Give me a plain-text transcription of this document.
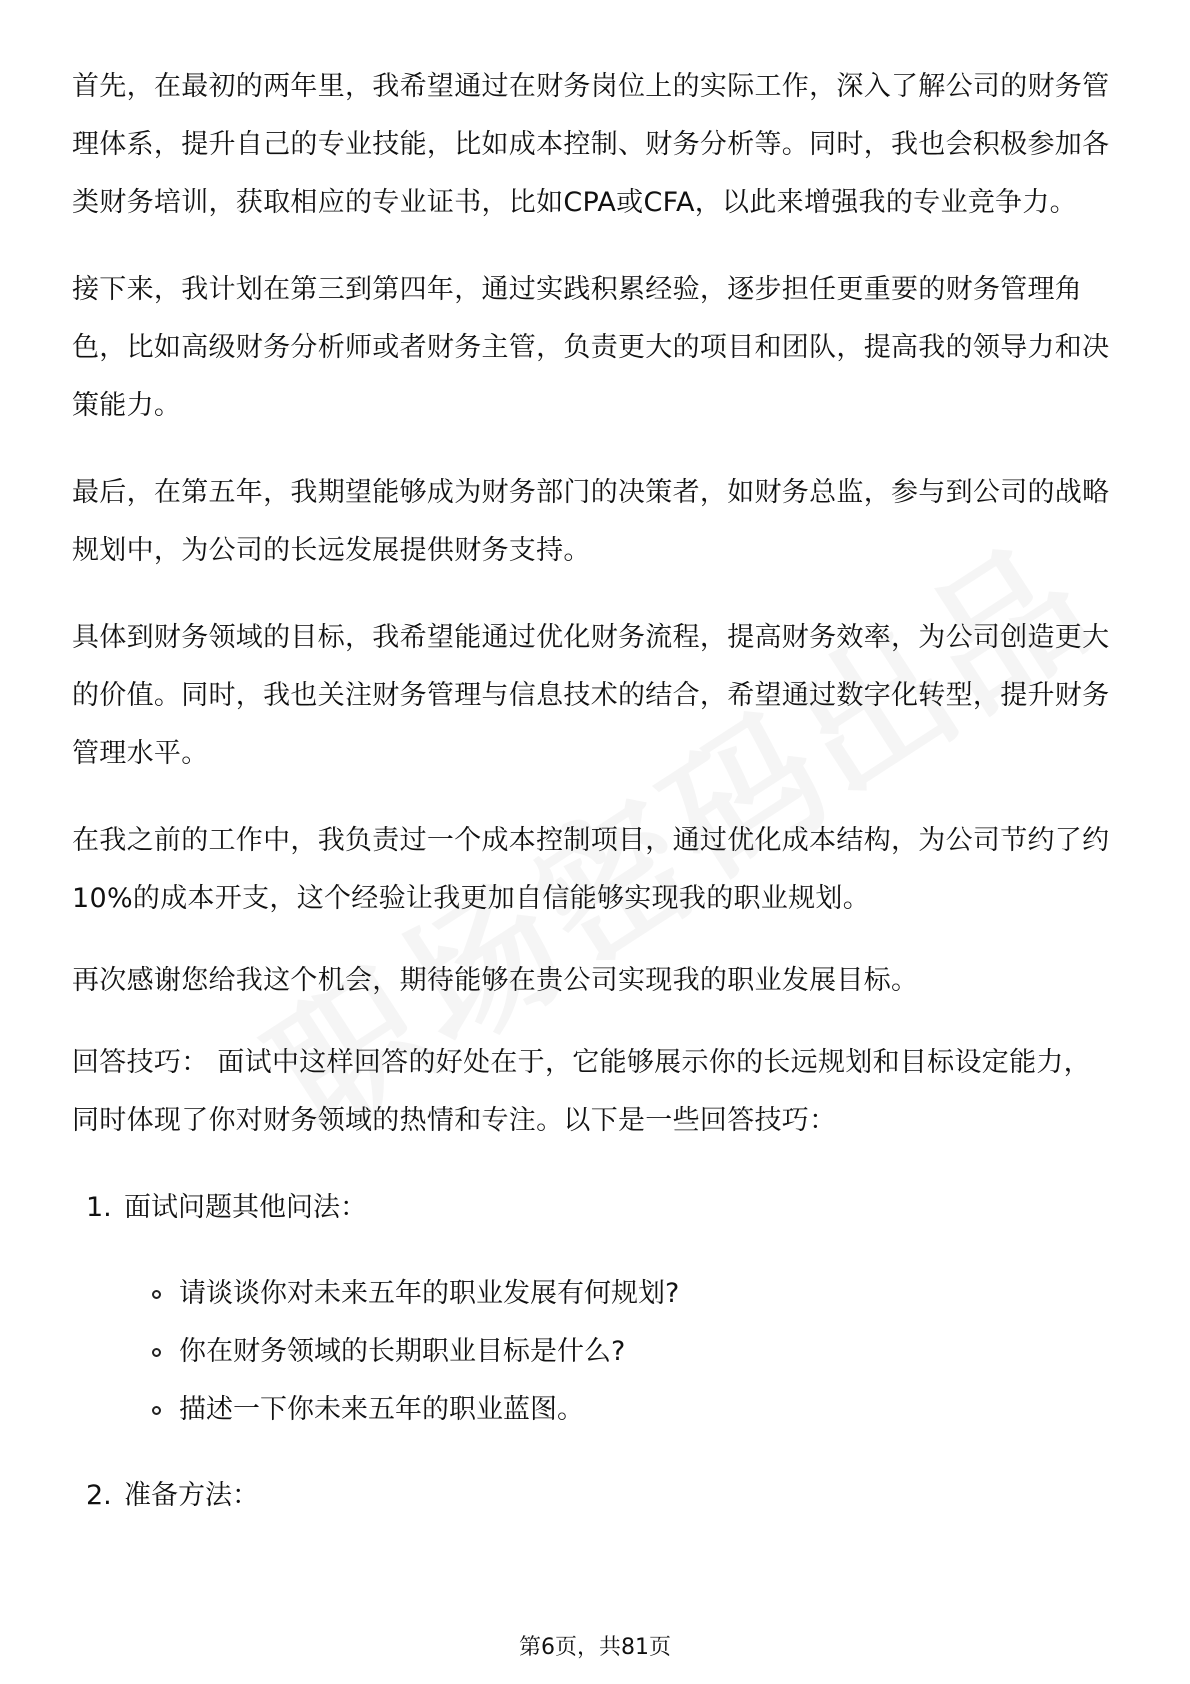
首先，在最初的两年里，我希望通过在财务岗位上的实际工作，深入了解公司的财务管理体系，提升自己的专业技能，比如成本控制、财务分析等。同时，我也会积极参加各类财务培训，获取相应的专业证书，比如CPA或CFA，以此来增强我的专业竞争力。

接下来，我计划在第三到第四年，通过实践积累经验，逐步担任更重要的财务管理角色，比如高级财务分析师或者财务主管，负责更大的项目和团队，提高我的领导力和决策能力。

最后，在第五年，我期望能够成为财务部门的决策者，如财务总监，参与到公司的战略规划中，为公司的长远发展提供财务支持。

具体到财务领域的目标，我希望能通过优化财务流程，提高财务效率，为公司创造更大的价值。同时，我也关注财务管理与信息技术的结合，希望通过数字化转型，提升财务管理水平。

在我之前的工作中，我负责过一个成本控制项目，通过优化成本结构，为公司节约了约10%的成本开支，这个经验让我更加自信能够实现我的职业规划。

再次感谢您给我这个机会，期待能够在贵公司实现我的职业发展目标。

回答技巧： 面试中这样回答的好处在于，它能够展示你的长远规划和目标设定能力，同时体现了你对财务领域的热情和专注。以下是一些回答技巧：

1. 面试问题其他问法：
请谈谈你对未来五年的职业发展有何规划?
你在财务领域的长期职业目标是什么?
描述一下你未来五年的职业蓝图。
2. 准备方法：
第6页，共81页
